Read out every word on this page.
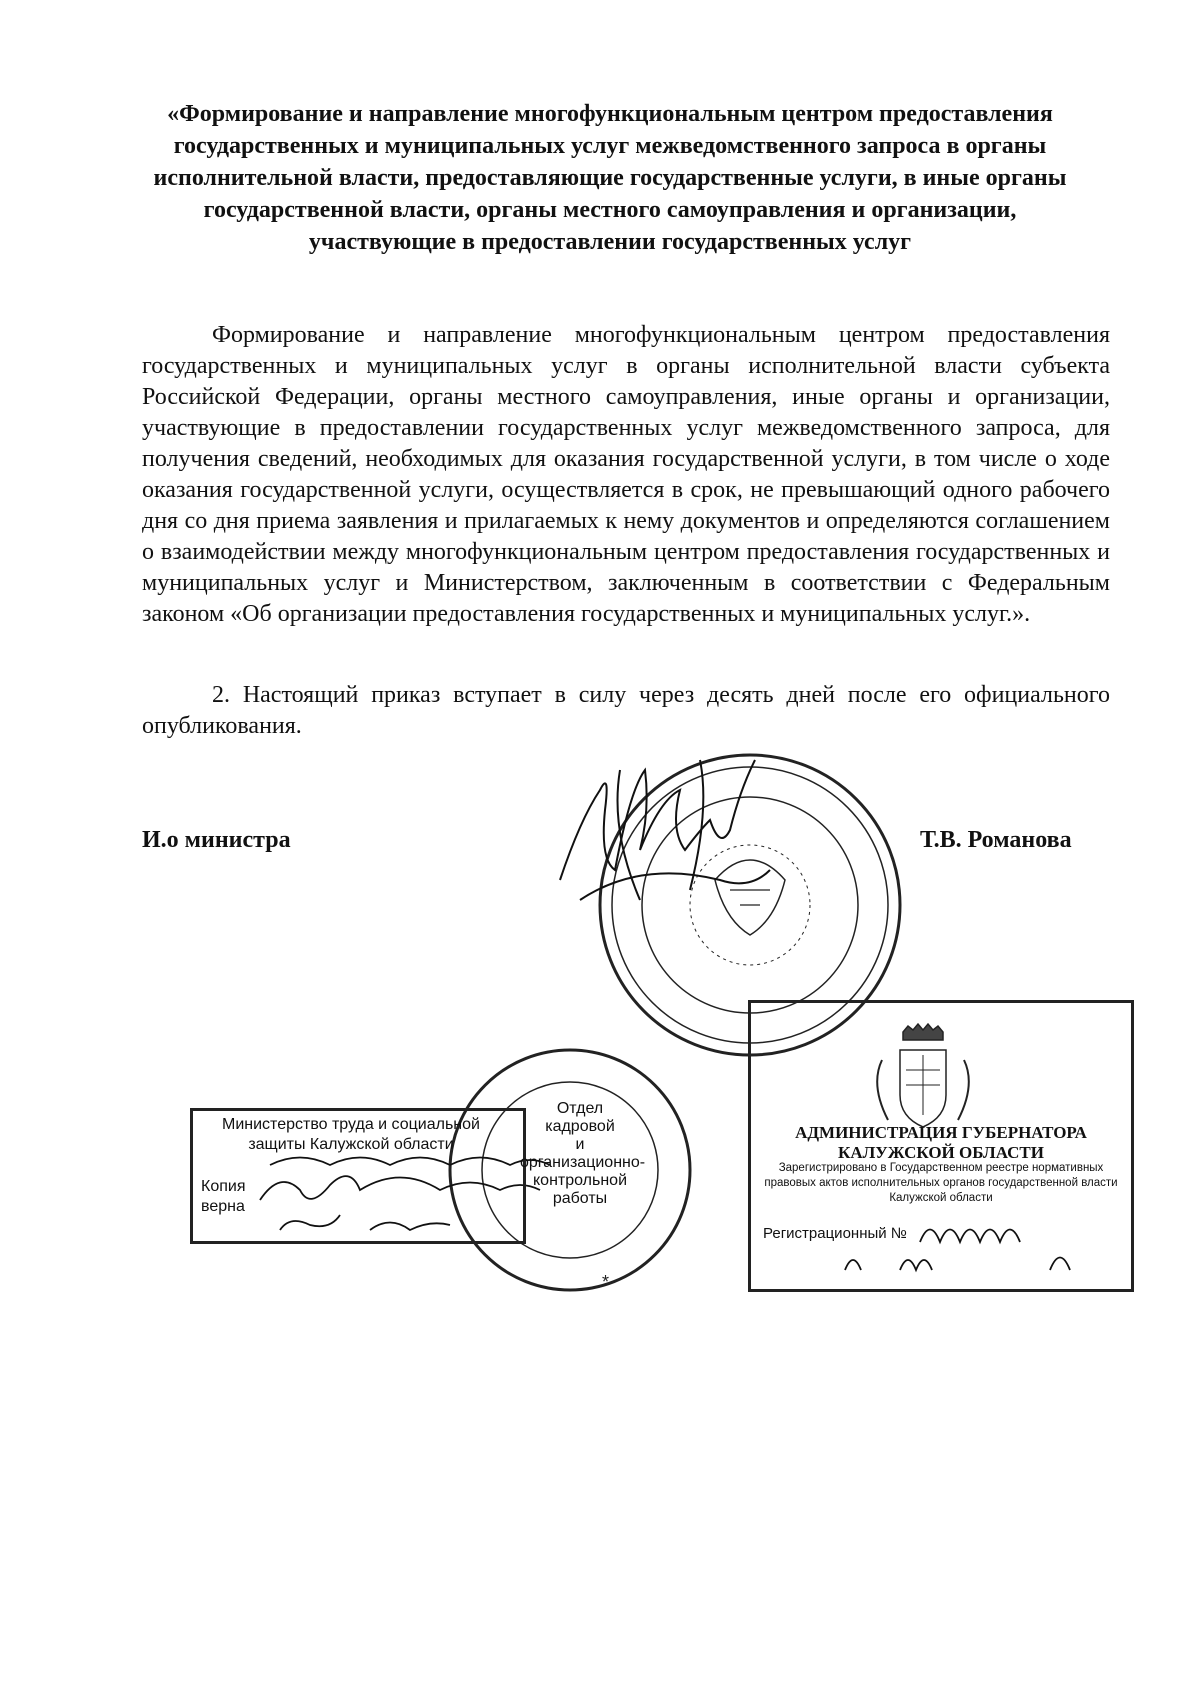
«Формирование и направление многофункциональным центром предоставления государственных и муниципальных услуг межведомственного запроса в органы исполнительной власти, предоставляющие государственные услуги, в иные органы государственной власти, органы местного самоуправления и организации, участвующие в предоставлении государственных услуг

Формирование и направление многофункциональным центром предоставления государственных и муниципальных услуг в органы исполнительной власти субъекта Российской Федерации, органы местного самоуправления, иные органы и организации, участвующие в предоставлении государственных услуг межведомственного запроса, для получения сведений, необходимых для оказания государственной услуги, в том числе о ходе оказания государственной услуги, осуществляется в срок, не превышающий одного рабочего дня со дня приема заявления и прилагаемых к нему документов и определяются соглашением о взаимодействии между многофункциональным центром предоставления государственных и муниципальных услуг и Министерством, заключенным в соответствии с Федеральным законом «Об организации предоставления государственных и муниципальных услуг.».

2. Настоящий приказ вступает в силу через десять дней после его официального опубликования.

И.о министра	Т.В. Романова
*
Министерство труда и социальной
защиты Калужской области
Копия
верна
Отдел
кадровой
и
организационно-
контрольной
работы
АДМИНИСТРАЦИЯ ГУБЕРНАТОРА КАЛУЖСКОЙ ОБЛАСТИ
Зарегистрировано в Государственном реестре нормативных правовых актов исполнительных органов государственной власти Калужской области
Регистрационный №
